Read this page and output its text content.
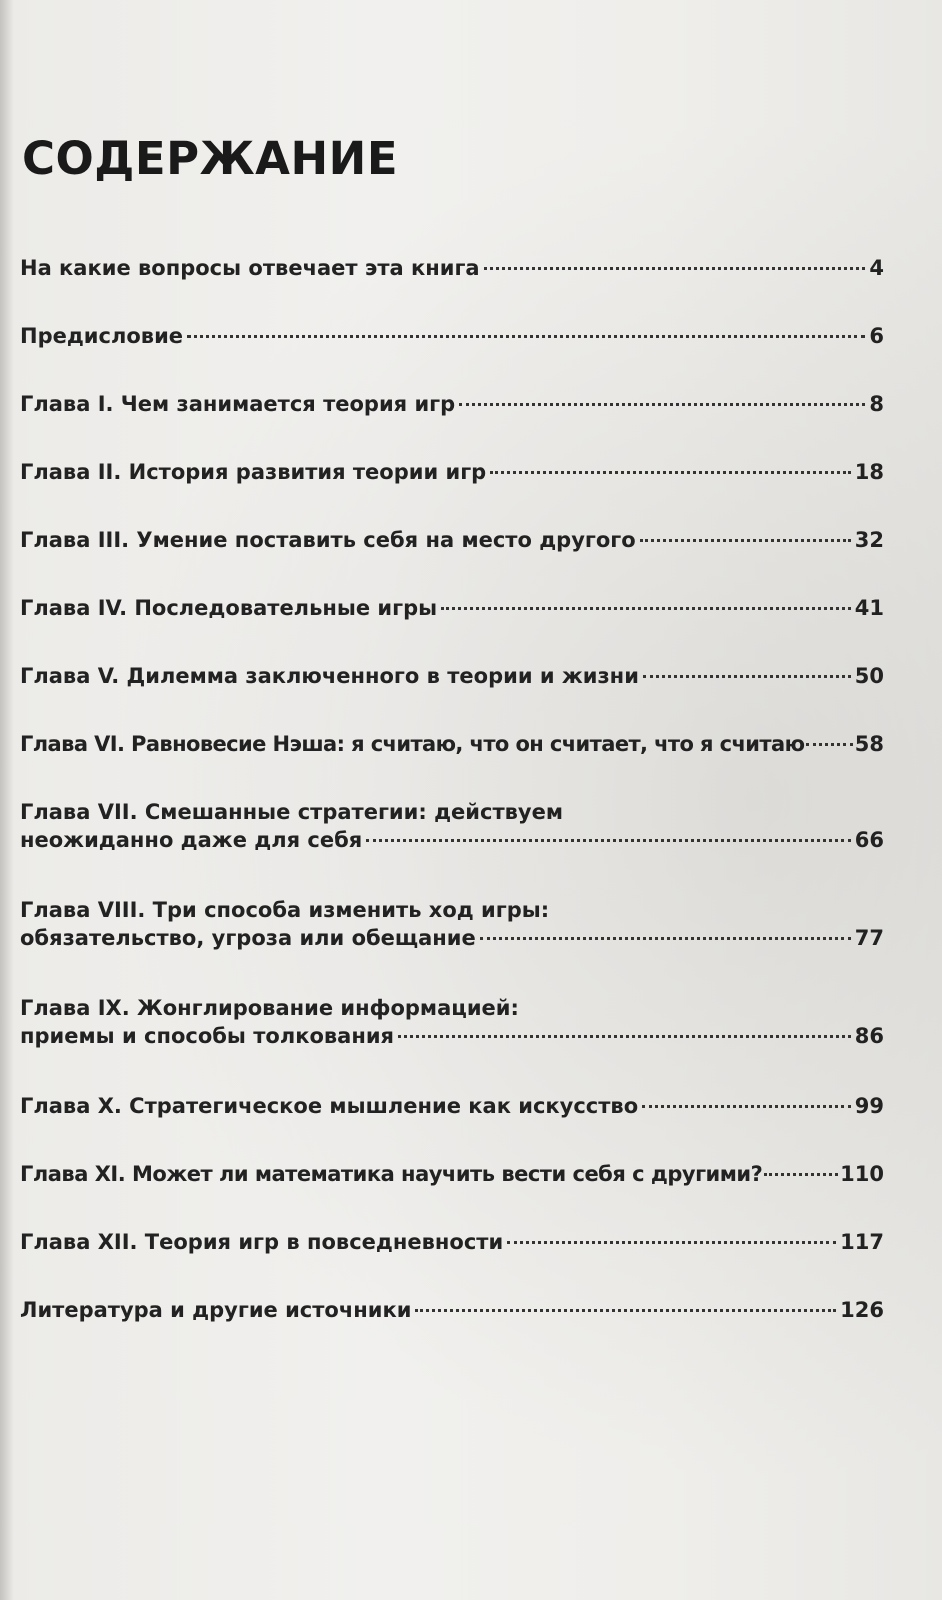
СОДЕРЖАНИЕ
На какие вопросы отвечает эта книга	4
Предисловие	6
Глава I. Чем занимается теория игр	8
Глава II. История развития теории игр	18
Глава III. Умение поставить себя на место другого	32
Глава IV. Последовательные игры	41
Глава V. Дилемма заключенного в теории и жизни	50
Глава VI. Равновесие Нэша: я считаю, что он считает, что я считаю 58
Глава VII. Смешанные стратегии: действуем
неожиданно даже для себя	66
Глава VIII. Три способа изменить ход игры:
обязательство, угроза или обещание	77
Глава IX. Жонглирование информацией:
приемы и способы толкования	86
Глава X. Стратегическое мышление как искусство	99
Глава XI. Может ли математика научить вести себя с другими?	110
Глава XII. Теория игр в повседневности	117
Литература и другие источники	126
